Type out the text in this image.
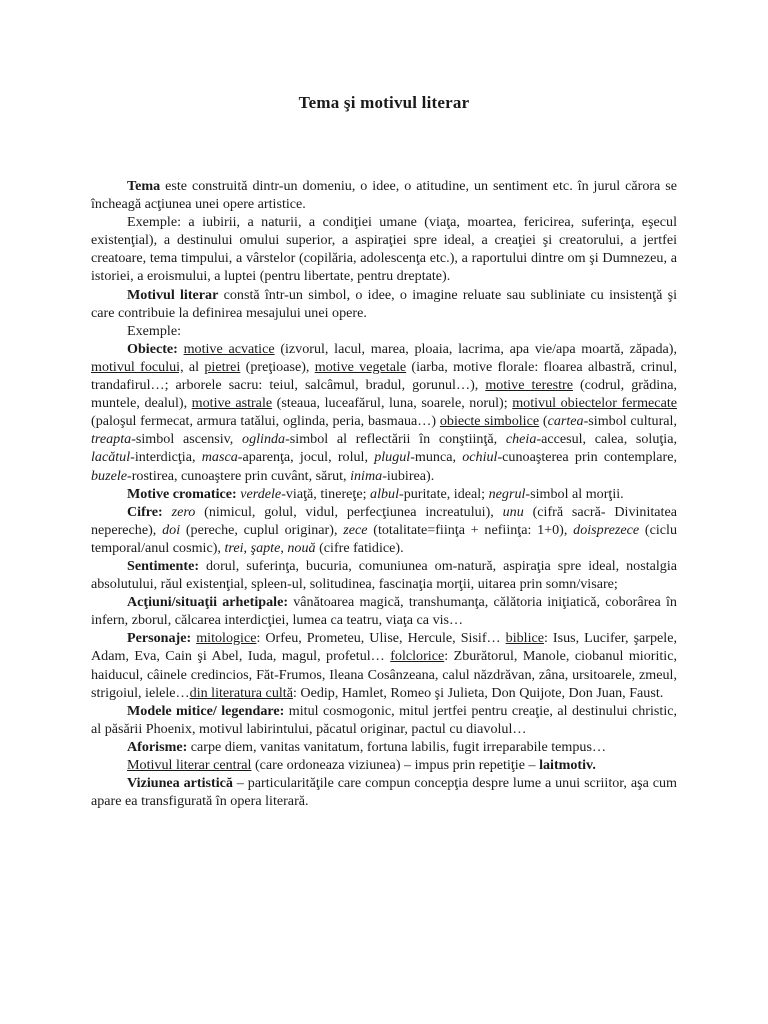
Tema şi motivul literar

Tema este construită dintr-un domeniu, o idee, o atitudine, un sentiment etc. în jurul cărora se încheagă acţiunea unei opere artistice.

Exemple: a iubirii, a naturii, a condiţiei umane (viaţa, moartea, fericirea, suferinţa, eşecul existenţial), a destinului omului superior, a aspiraţiei spre ideal, a creaţiei şi creatorului, a jertfei creatoare, tema timpului, a vârstelor (copilăria, adolescenţa etc.), a raportului dintre om şi Dumnezeu, a istoriei, a eroismului, a luptei (pentru libertate, pentru dreptate).

Motivul literar constă într-un simbol, o idee, o imagine reluate sau subliniate cu insistenţă şi care contribuie la definirea mesajului unei opere.

Exemple:

Obiecte: motive acvatice (izvorul, lacul, marea, ploaia, lacrima, apa vie/apa moartă, zăpada), motivul focului, al pietrei (preţioase), motive vegetale (iarba, motive florale: floarea albastră, crinul, trandafirul…; arborele sacru: teiul, salcâmul, bradul, gorunul…), motive terestre (codrul, grădina, muntele, dealul), motive astrale (steaua, luceafărul, luna, soarele, norul); motivul obiectelor fermecate (paloşul fermecat, armura tatălui, oglinda, peria, basmaua…) obiecte simbolice (cartea-simbol cultural, treapta-simbol ascensiv, oglinda-simbol al reflectării în conştiinţă, cheia-accesul, calea, soluţia, lacătul-interdicţia, masca-aparenţa, jocul, rolul, plugul-munca, ochiul-cunoaşterea prin contemplare, buzele-rostirea, cunoaştere prin cuvânt, sărut, inima-iubirea).

Motive cromatice: verdele-viaţă, tinereţe; albul-puritate, ideal; negrul-simbol al morţii.

Cifre: zero (nimicul, golul, vidul, perfecţiunea increatului), unu (cifră sacră- Divinitatea nepereche), doi (pereche, cuplul originar), zece (totalitate=fiinţa + nefiinţa: 1+0), doisprezece (ciclu temporal/anul cosmic), trei, şapte, nouă (cifre fatidice).

Sentimente: dorul, suferinţa, bucuria, comuniunea om-natură, aspiraţia spre ideal, nostalgia absolutului, răul existenţial, spleen-ul, solitudinea, fascinaţia morţii, uitarea prin somn/visare;

Acţiuni/situaţii arhetipale: vânătoarea magică, transhumanţa, călătoria iniţiatică, coborârea în infern, zborul, călcarea interdicţiei, lumea ca teatru, viaţa ca vis…

Personaje: mitologice: Orfeu, Prometeu, Ulise, Hercule, Sisif… biblice: Isus, Lucifer, şarpele, Adam, Eva, Cain şi Abel, Iuda, magul, profetul… folclorice: Zburătorul, Manole, ciobanul mioritic, haiducul, câinele credincios, Făt-Frumos, Ileana Cosânzeana, calul năzdrăvan, zâna, ursitoarele, zmeul, strigoiul, ielele…din literatura cultă: Oedip, Hamlet, Romeo şi Julieta, Don Quijote, Don Juan, Faust.

Modele mitice/ legendare: mitul cosmogonic, mitul jertfei pentru creaţie, al destinului christic, al păsării Phoenix, motivul labirintului, păcatul originar, pactul cu diavolul…

Aforisme: carpe diem, vanitas vanitatum, fortuna labilis, fugit irreparabile tempus…

Motivul literar central (care ordoneaza viziunea) – impus prin repetiţie – laitmotiv.

Viziunea artistică – particularităţile care compun concepţia despre lume a unui scriitor, aşa cum apare ea transfigurată în opera literară.
